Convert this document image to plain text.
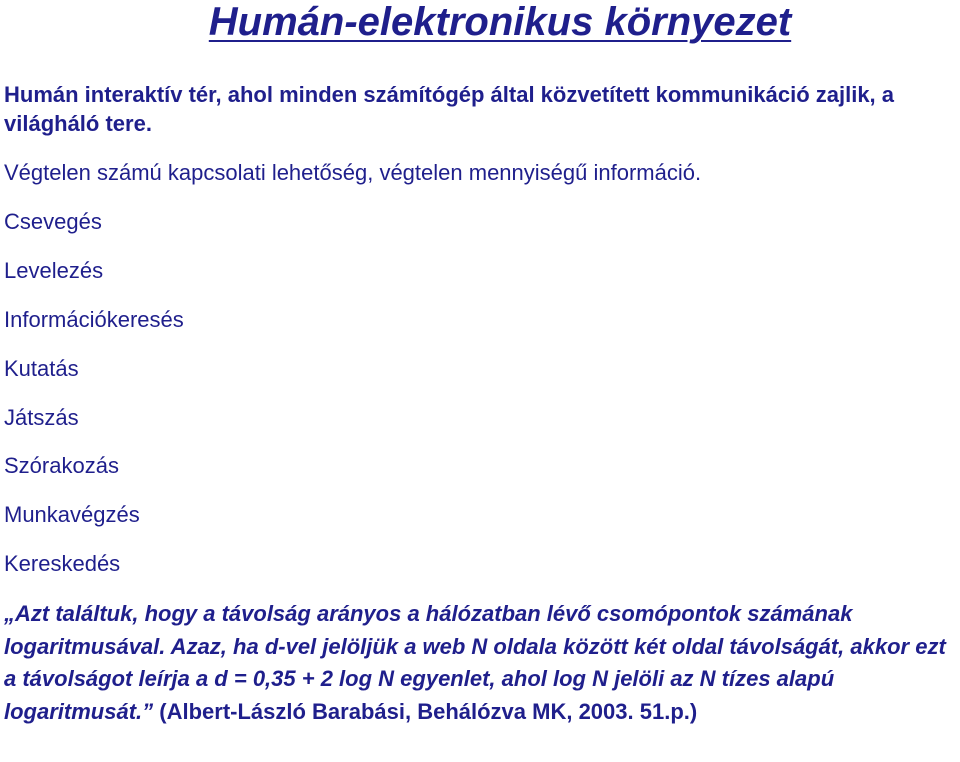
Humán-elektronikus környezet
Humán interaktív tér, ahol minden számítógép által közvetített kommunikáció zajlik, a világháló tere.
Végtelen számú kapcsolati lehetőség, végtelen mennyiségű információ.
Csevegés
Levelezés
Információkeresés
Kutatás
Játszás
Szórakozás
Munkavégzés
Kereskedés
„Azt találtuk, hogy a távolság arányos a hálózatban lévő csomópontok számának logaritmusával. Azaz, ha d-vel jelöljük a web N oldala között két oldal távolságát, akkor ezt a távolságot leírja a d = 0,35 + 2 log N egyenlet, ahol log N jelöli az N tízes alapú logaritmusát.” (Albert-László Barabási, Behálózva MK, 2003. 51.p.)
